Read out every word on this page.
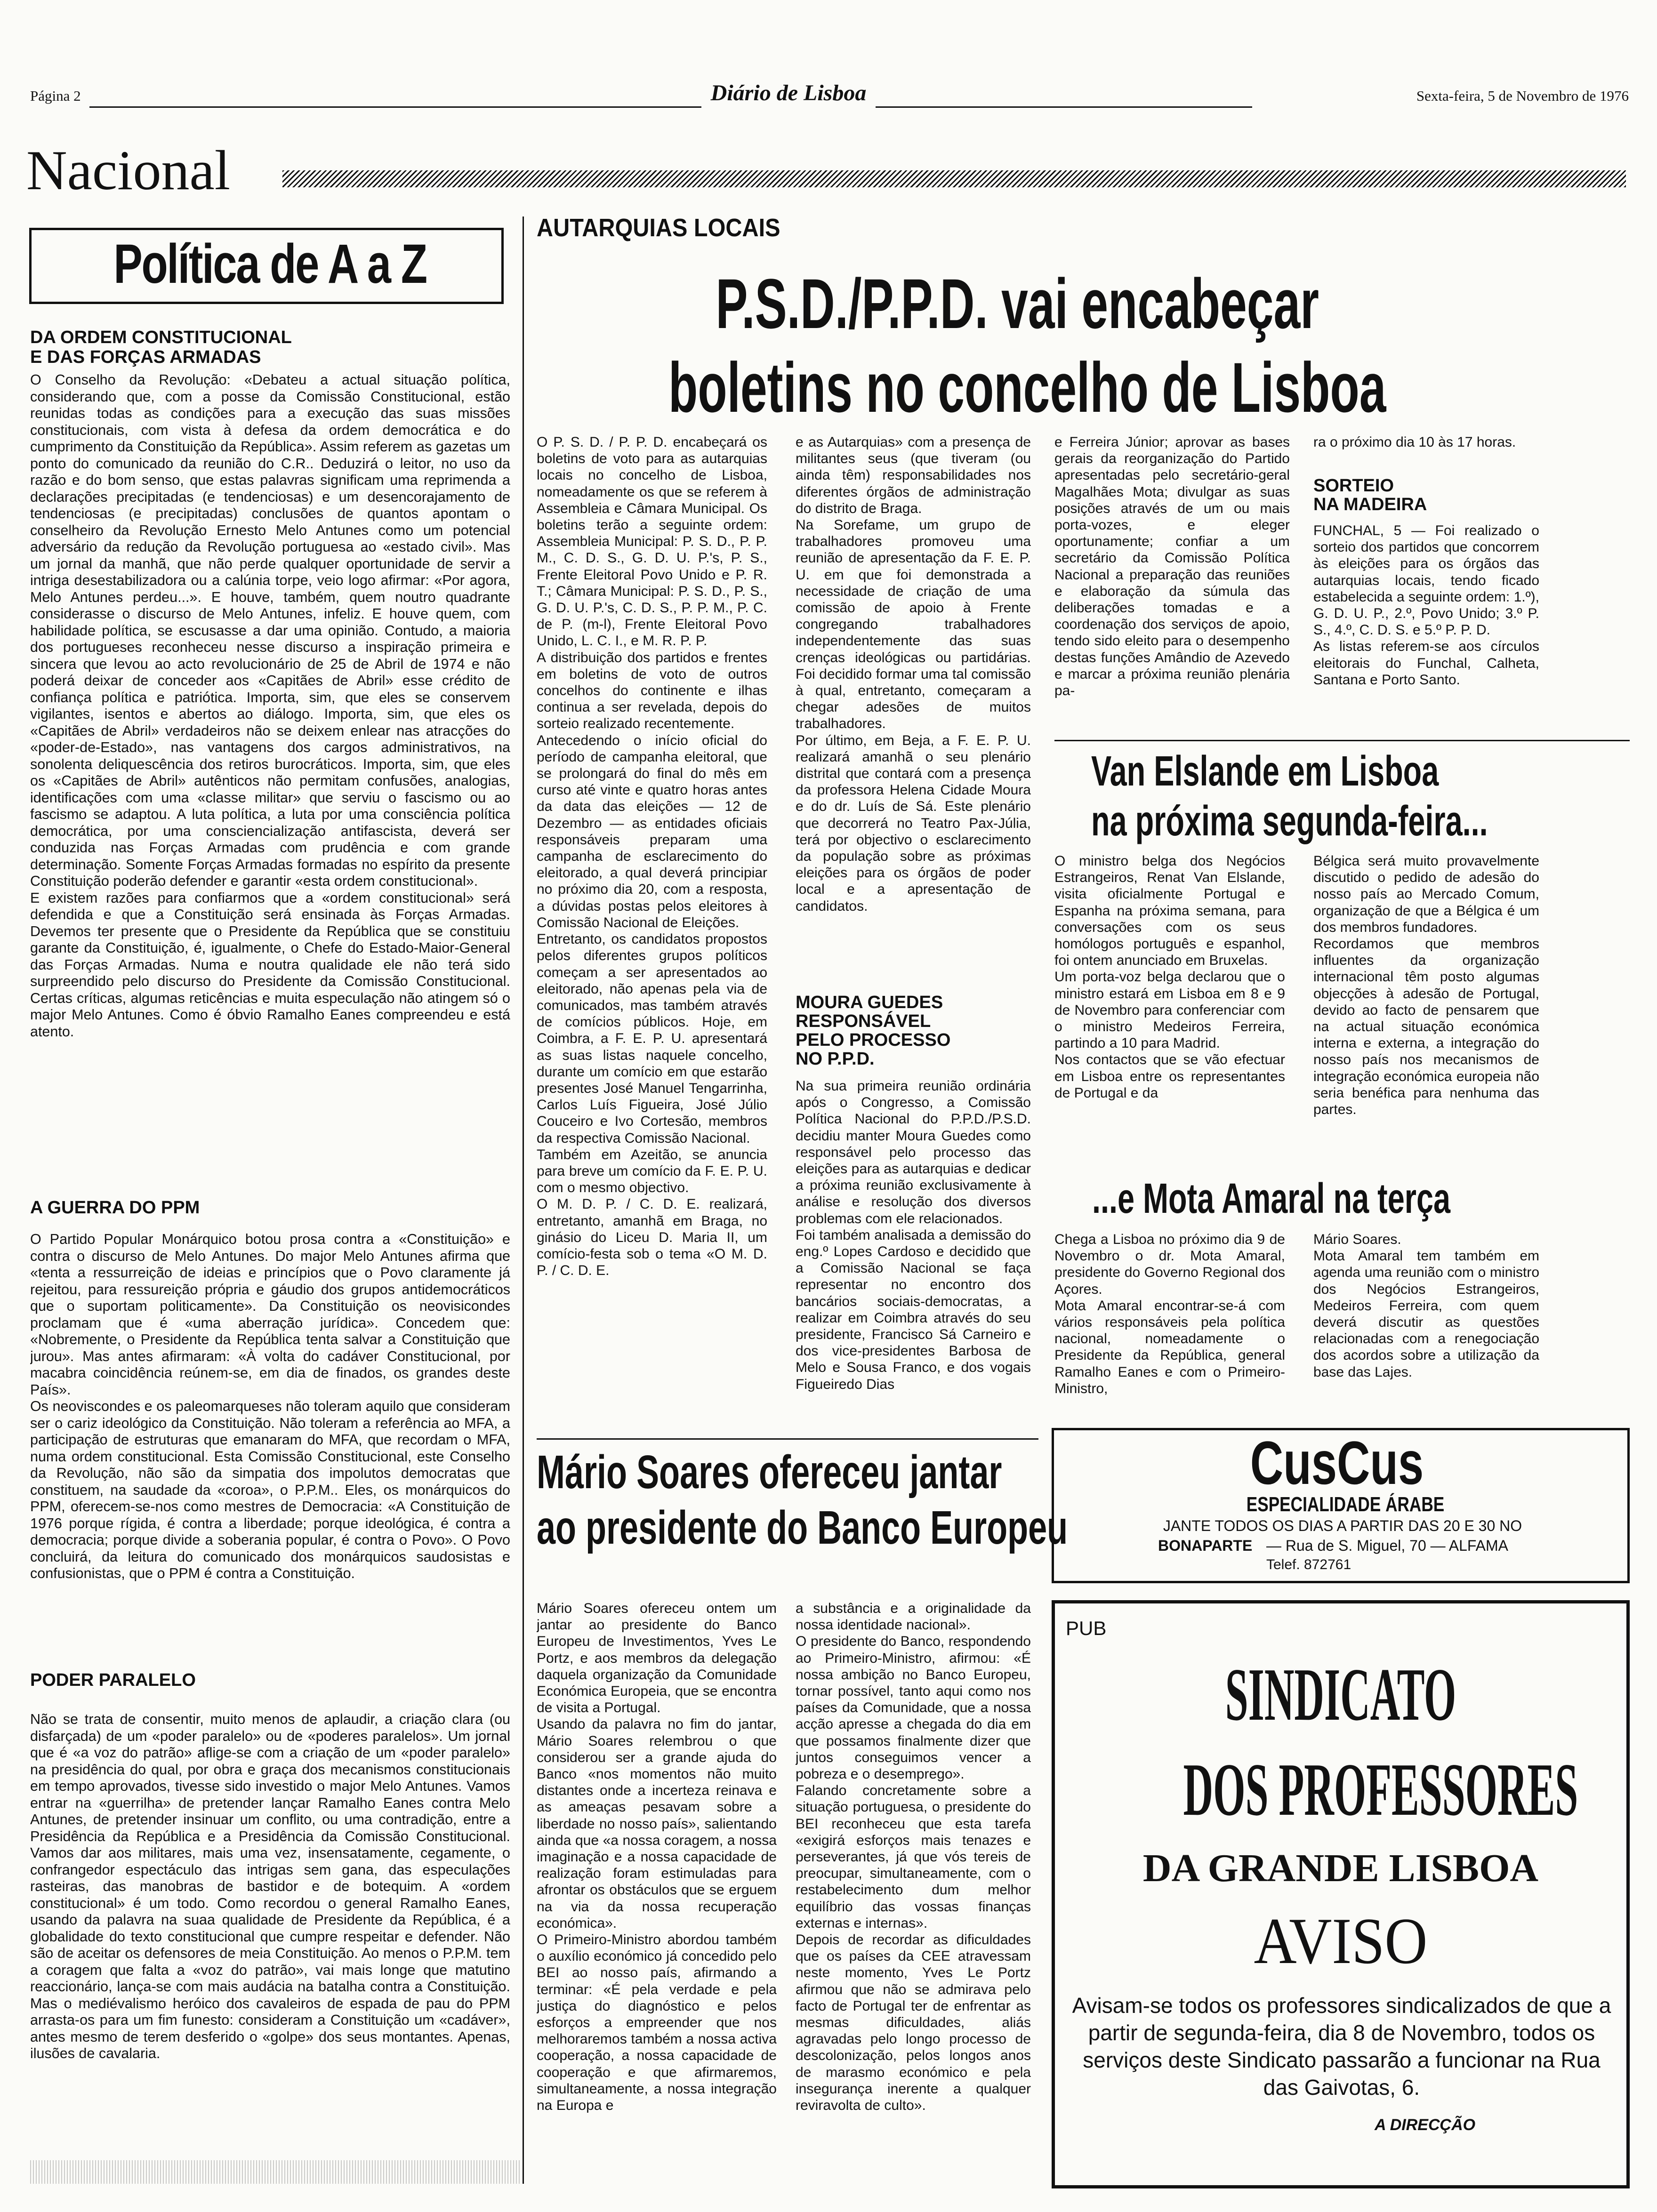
Página 2	Diário de Lisboa	Sexta-feira, 5 de Novembro de 1976
Nacional
Política de A a Z
DA ORDEM CONSTITUCIONAL
E DAS FORÇAS ARMADAS
O Conselho da Revolução: «Debateu a actual situação política, considerando que, com a posse da Comissão Constitucional, estão reunidas todas as condições para a execução das suas missões constitucionais, com vista à defesa da ordem democrática e do cumprimento da Constituição da República». Assim referem as gazetas um ponto do comunicado da reunião do C.R.. Deduzirá o leitor, no uso da razão e do bom senso, que estas palavras significam uma reprimenda a declarações precipitadas (e tendenciosas) e um desencorajamento de tendenciosas (e precipitadas) conclusões de quantos apontam o conselheiro da Revolução Ernesto Melo Antunes como um potencial adversário da redução da Revolução portuguesa ao «estado civil». Mas um jornal da manhã, que não perde qualquer oportunidade de servir a intriga desestabilizadora ou a calúnia torpe, veio logo afirmar: «Por agora, Melo Antunes perdeu...». E houve, também, quem noutro quadrante considerasse o discurso de Melo Antunes, infeliz. E houve quem, com habilidade política, se escusasse a dar uma opinião. Contudo, a maioria dos portugueses reconheceu nesse discurso a inspiração primeira e sincera que levou ao acto revolucionário de 25 de Abril de 1974 e não poderá deixar de conceder aos «Capitães de Abril» esse crédito de confiança política e patriótica. Importa, sim, que eles se conservem vigilantes, isentos e abertos ao diálogo. Importa, sim, que eles os «Capitães de Abril» verdadeiros não se deixem enlear nas atracções do «poder-de-Estado», nas vantagens dos cargos administrativos, na sonolenta deliquescência dos retiros burocráticos. Importa, sim, que eles os «Capitães de Abril» autênticos não permitam confusões, analogias, identificações com uma «classe militar» que serviu o fascismo ou ao fascismo se adaptou. A luta política, a luta por uma consciência política democrática, por uma consciencialização antifascista, deverá ser conduzida nas Forças Armadas com prudência e com grande determinação. Somente Forças Armadas formadas no espírito da presente Constituição poderão defender e garantir «esta ordem constitucional».
E existem razões para confiarmos que a «ordem constitucional» será defendida e que a Constituição será ensinada às Forças Armadas. Devemos ter presente que o Presidente da República que se constituiu garante da Constituição, é, igualmente, o Chefe do Estado-Maior-General das Forças Armadas. Numa e noutra qualidade ele não terá sido surpreendido pelo discurso do Presidente da Comissão Constitucional. Certas críticas, algumas reticências e muita especulação não atingem só o major Melo Antunes. Como é óbvio Ramalho Eanes compreendeu e está atento.
A GUERRA DO PPM
O Partido Popular Monárquico botou prosa contra a «Constituição» e contra o discurso de Melo Antunes. Do major Melo Antunes afirma que «tenta a ressurreição de ideias e princípios que o Povo claramente já rejeitou, para ressureição própria e gáudio dos grupos antidemocráticos que o suportam politicamente». Da Constituição os neovisicondes proclamam que é «uma aberração jurídica». Concedem que: «Nobremente, o Presidente da República tenta salvar a Constituição que jurou». Mas antes afirmaram: «À volta do cadáver Constitucional, por macabra coincidência reúnem-se, em dia de finados, os grandes deste País».
Os neoviscondes e os paleomarqueses não toleram aquilo que consideram ser o cariz ideológico da Constituição. Não toleram a referência ao MFA, a participação de estruturas que emanaram do MFA, que recordam o MFA, numa ordem constitucional. Esta Comissão Constitucional, este Conselho da Revolução, não são da simpatia dos impolutos democratas que constituem, na saudade da «coroa», o P.P.M.. Eles, os monárquicos do PPM, oferecem-se-nos como mestres de Democracia: «A Constituição de 1976 porque rígida, é contra a liberdade; porque ideológica, é contra a democracia; porque divide a soberania popular, é contra o Povo». O Povo concluirá, da leitura do comunicado dos monárquicos saudosistas e confusionistas, que o PPM é contra a Constituição.
PODER PARALELO
Não se trata de consentir, muito menos de aplaudir, a criação clara (ou disfarçada) de um «poder paralelo» ou de «poderes paralelos». Um jornal que é «a voz do patrão» aflige-se com a criação de um «poder paralelo» na presidência do qual, por obra e graça dos mecanismos constitucionais em tempo aprovados, tivesse sido investido o major Melo Antunes. Vamos entrar na «guerrilha» de pretender lançar Ramalho Eanes contra Melo Antunes, de pretender insinuar um conflito, ou uma contradição, entre a Presidência da República e a Presidência da Comissão Constitucional. Vamos dar aos militares, mais uma vez, insensatamente, cegamente, o confrangedor espectáculo das intrigas sem gana, das especulações rasteiras, das manobras de bastidor e de botequim. A «ordem constitucional» é um todo. Como recordou o general Ramalho Eanes, usando da palavra na suaa qualidade de Presidente da República, é a globalidade do texto constitucional que cumpre respeitar e defender. Não são de aceitar os defensores de meia Constituição. Ao menos o P.P.M. tem a coragem que falta a «voz do patrão», vai mais longe que matutino reaccionário, lança-se com mais audácia na batalha contra a Constituição. Mas o mediévalismo heróico dos cavaleiros de espada de pau do PPM arrasta-os para um fim funesto: consideram a Constituição um «cadáver», antes mesmo de terem desferido o «golpe» dos seus montantes. Apenas, ilusões de cavalaria.
AUTARQUIAS LOCAIS
P.S.D./P.P.D. vai encabeçar
boletins no concelho de Lisboa
O P. S. D. / P. P. D. encabeçará os boletins de voto para as autarquias locais no concelho de Lisboa, nomeadamente os que se referem à Assembleia e Câmara Municipal. Os boletins terão a seguinte ordem: Assembleia Municipal: P. S. D., P. P. M., C. D. S., G. D. U. P.'s, P. S., Frente Eleitoral Povo Unido e P. R. T.; Câmara Municipal: P. S. D., P. S., G. D. U. P.'s, C. D. S., P. P. M., P. C. de P. (m-l), Frente Eleitoral Povo Unido, L. C. I., e M. R. P. P.
A distribuição dos partidos e frentes em boletins de voto de outros concelhos do continente e ilhas continua a ser revelada, depois do sorteio realizado recentemente.
Antecedendo o início oficial do período de campanha eleitoral, que se prolongará do final do mês em curso até vinte e quatro horas antes da data das eleições — 12 de Dezembro — as entidades oficiais responsáveis preparam uma campanha de esclarecimento do eleitorado, a qual deverá principiar no próximo dia 20, com a resposta, a dúvidas postas pelos eleitores à Comissão Nacional de Eleições.
Entretanto, os candidatos propostos pelos diferentes grupos políticos começam a ser apresentados ao eleitorado, não apenas pela via de comunicados, mas também através de comícios públicos. Hoje, em Coimbra, a F. E. P. U. apresentará as suas listas naquele concelho, durante um comício em que estarão presentes José Manuel Tengarrinha, Carlos Luís Figueira, José Júlio Couceiro e Ivo Cortesão, membros da respectiva Comissão Nacional.
Também em Azeitão, se anuncia para breve um comício da F. E. P. U. com o mesmo objectivo.
O M. D. P. / C. D. E. realizará, entretanto, amanhã em Braga, no ginásio do Liceu D. Maria II, um comício-festa sob o tema «O M. D. P. / C. D. E.
e as Autarquias» com a presença de militantes seus (que tiveram (ou ainda têm) responsabilidades nos diferentes órgãos de administração do distrito de Braga.
Na Sorefame, um grupo de trabalhadores promoveu uma reunião de apresentação da F. E. P. U. em que foi demonstrada a necessidade de criação de uma comissão de apoio à Frente congregando trabalhadores independentemente das suas crenças ideológicas ou partidárias. Foi decidido formar uma tal comissão à qual, entretanto, começaram a chegar adesões de muitos trabalhadores.
Por último, em Beja, a F. E. P. U. realizará amanhã o seu plenário distrital que contará com a presença da professora Helena Cidade Moura e do dr. Luís de Sá. Este plenário que decorrerá no Teatro Pax-Júlia, terá por objectivo o esclarecimento da população sobre as próximas eleições para os órgãos de poder local e a apresentação de candidatos.
MOURA GUEDES
RESPONSÁVEL
PELO PROCESSO
NO P.P.D.
Na sua primeira reunião ordinária após o Congresso, a Comissão Política Nacional do P.P.D./P.S.D. decidiu manter Moura Guedes como responsável pelo processo das eleições para as autarquias e dedicar a próxima reunião exclusivamente à análise e resolução dos diversos problemas com ele relacionados.
Foi também analisada a demissão do eng.º Lopes Cardoso e decidido que a Comissão Nacional se faça representar no encontro dos bancários sociais-democratas, a realizar em Coimbra através do seu presidente, Francisco Sá Carneiro e dos vice-presidentes Barbosa de Melo e Sousa Franco, e dos vogais Figueiredo Dias
e Ferreira Júnior; aprovar as bases gerais da reorganização do Partido apresentadas pelo secretário-geral Magalhães Mota; divulgar as suas posições através de um ou mais porta-vozes, e eleger oportunamente; confiar a um secretário da Comissão Política Nacional a preparação das reuniões e elaboração da súmula das deliberações tomadas e a coordenação dos serviços de apoio, tendo sido eleito para o desempenho destas funções Amândio de Azevedo e marcar a próxima reunião plenária pa-
ra o próximo dia 10 às 17 horas.
SORTEIO
NA MADEIRA
FUNCHAL, 5 — Foi realizado o sorteio dos partidos que concorrem às eleições para os órgãos das autarquias locais, tendo ficado estabelecida a seguinte ordem: 1.º), G. D. U. P., 2.º, Povo Unido; 3.º P. S., 4.º, C. D. S. e 5.º P. P. D.
As listas referem-se aos círculos eleitorais do Funchal, Calheta, Santana e Porto Santo.
Van Elslande em Lisboa
na próxima segunda-feira...
O ministro belga dos Negócios Estrangeiros, Renat Van Elslande, visita oficialmente Portugal e Espanha na próxima semana, para conversações com os seus homólogos português e espanhol, foi ontem anunciado em Bruxelas.
Um porta-voz belga declarou que o ministro estará em Lisboa em 8 e 9 de Novembro para conferenciar com o ministro Medeiros Ferreira, partindo a 10 para Madrid.
Nos contactos que se vão efectuar em Lisboa entre os representantes de Portugal e da
Bélgica será muito provavelmente discutido o pedido de adesão do nosso país ao Mercado Comum, organização de que a Bélgica é um dos membros fundadores.
Recordamos que membros influentes da organização internacional têm posto algumas objecções à adesão de Portugal, devido ao facto de pensarem que na actual situação económica interna e externa, a integração do nosso país nos mecanismos de integração económica europeia não seria benéfica para nenhuma das partes.
...e Mota Amaral na terça
Chega a Lisboa no próximo dia 9 de Novembro o dr. Mota Amaral, presidente do Governo Regional dos Açores.
Mota Amaral encontrar-se-á com vários responsáveis pela política nacional, nomeadamente o Presidente da República, general Ramalho Eanes e com o Primeiro-Ministro,
Mário Soares.
Mota Amaral tem também em agenda uma reunião com o ministro dos Negócios Estrangeiros, Medeiros Ferreira, com quem deverá discutir as questões relacionadas com a renegociação dos acordos sobre a utilização da base das Lajes.
CusCus
ESPECIALIDADE ÁRABE
JANTE TODOS OS DIAS A PARTIR DAS 20 E 30 NO
BONAPARTE — Rua de S. Miguel, 70 — ALFAMA
Telef. 872761
Mário Soares ofereceu jantar
ao presidente do Banco Europeu
Mário Soares ofereceu ontem um jantar ao presidente do Banco Europeu de Investimentos, Yves Le Portz, e aos membros da delegação daquela organização da Comunidade Económica Europeia, que se encontra de visita a Portugal.
Usando da palavra no fim do jantar, Mário Soares relembrou o que considerou ser a grande ajuda do Banco «nos momentos não muito distantes onde a incerteza reinava e as ameaças pesavam sobre a liberdade no nosso país», salientando ainda que «a nossa coragem, a nossa imaginação e a nossa capacidade de realização foram estimuladas para afrontar os obstáculos que se erguem na via da nossa recuperação económica».
O Primeiro-Ministro abordou também o auxílio económico já concedido pelo BEI ao nosso país, afirmando a terminar: «É pela verdade e pela justiça do diagnóstico e pelos esforços a empreender que nos melhoraremos também a nossa activa cooperação, a nossa capacidade de cooperação e que afirmaremos, simultaneamente, a nossa integração na Europa e
a substância e a originalidade da nossa identidade nacional».
O presidente do Banco, respondendo ao Primeiro-Ministro, afirmou: «É nossa ambição no Banco Europeu, tornar possível, tanto aqui como nos países da Comunidade, que a nossa acção apresse a chegada do dia em que possamos finalmente dizer que juntos conseguimos vencer a pobreza e o desemprego».
Falando concretamente sobre a situação portuguesa, o presidente do BEI reconheceu que esta tarefa «exigirá esforços mais tenazes e perseverantes, já que vós tereis de preocupar, simultaneamente, com o restabelecimento dum melhor equilíbrio das vossas finanças externas e internas».
Depois de recordar as dificuldades que os países da CEE atravessam neste momento, Yves Le Portz afirmou que não se admirava pelo facto de Portugal ter de enfrentar as mesmas dificuldades, aliás agravadas pelo longo processo de descolonização, pelos longos anos de marasmo económico e pela insegurança inerente a qualquer reviravolta de culto».
PUB
SINDICATO
DOS PROFESSORES
DA GRANDE LISBOA
AVISO
Avisam-se todos os professores sindicalizados de que a partir de segunda-feira, dia 8 de Novembro, todos os serviços deste Sindicato passarão a funcionar na Rua das Gaivotas, 6.
A DIRECÇÃO
